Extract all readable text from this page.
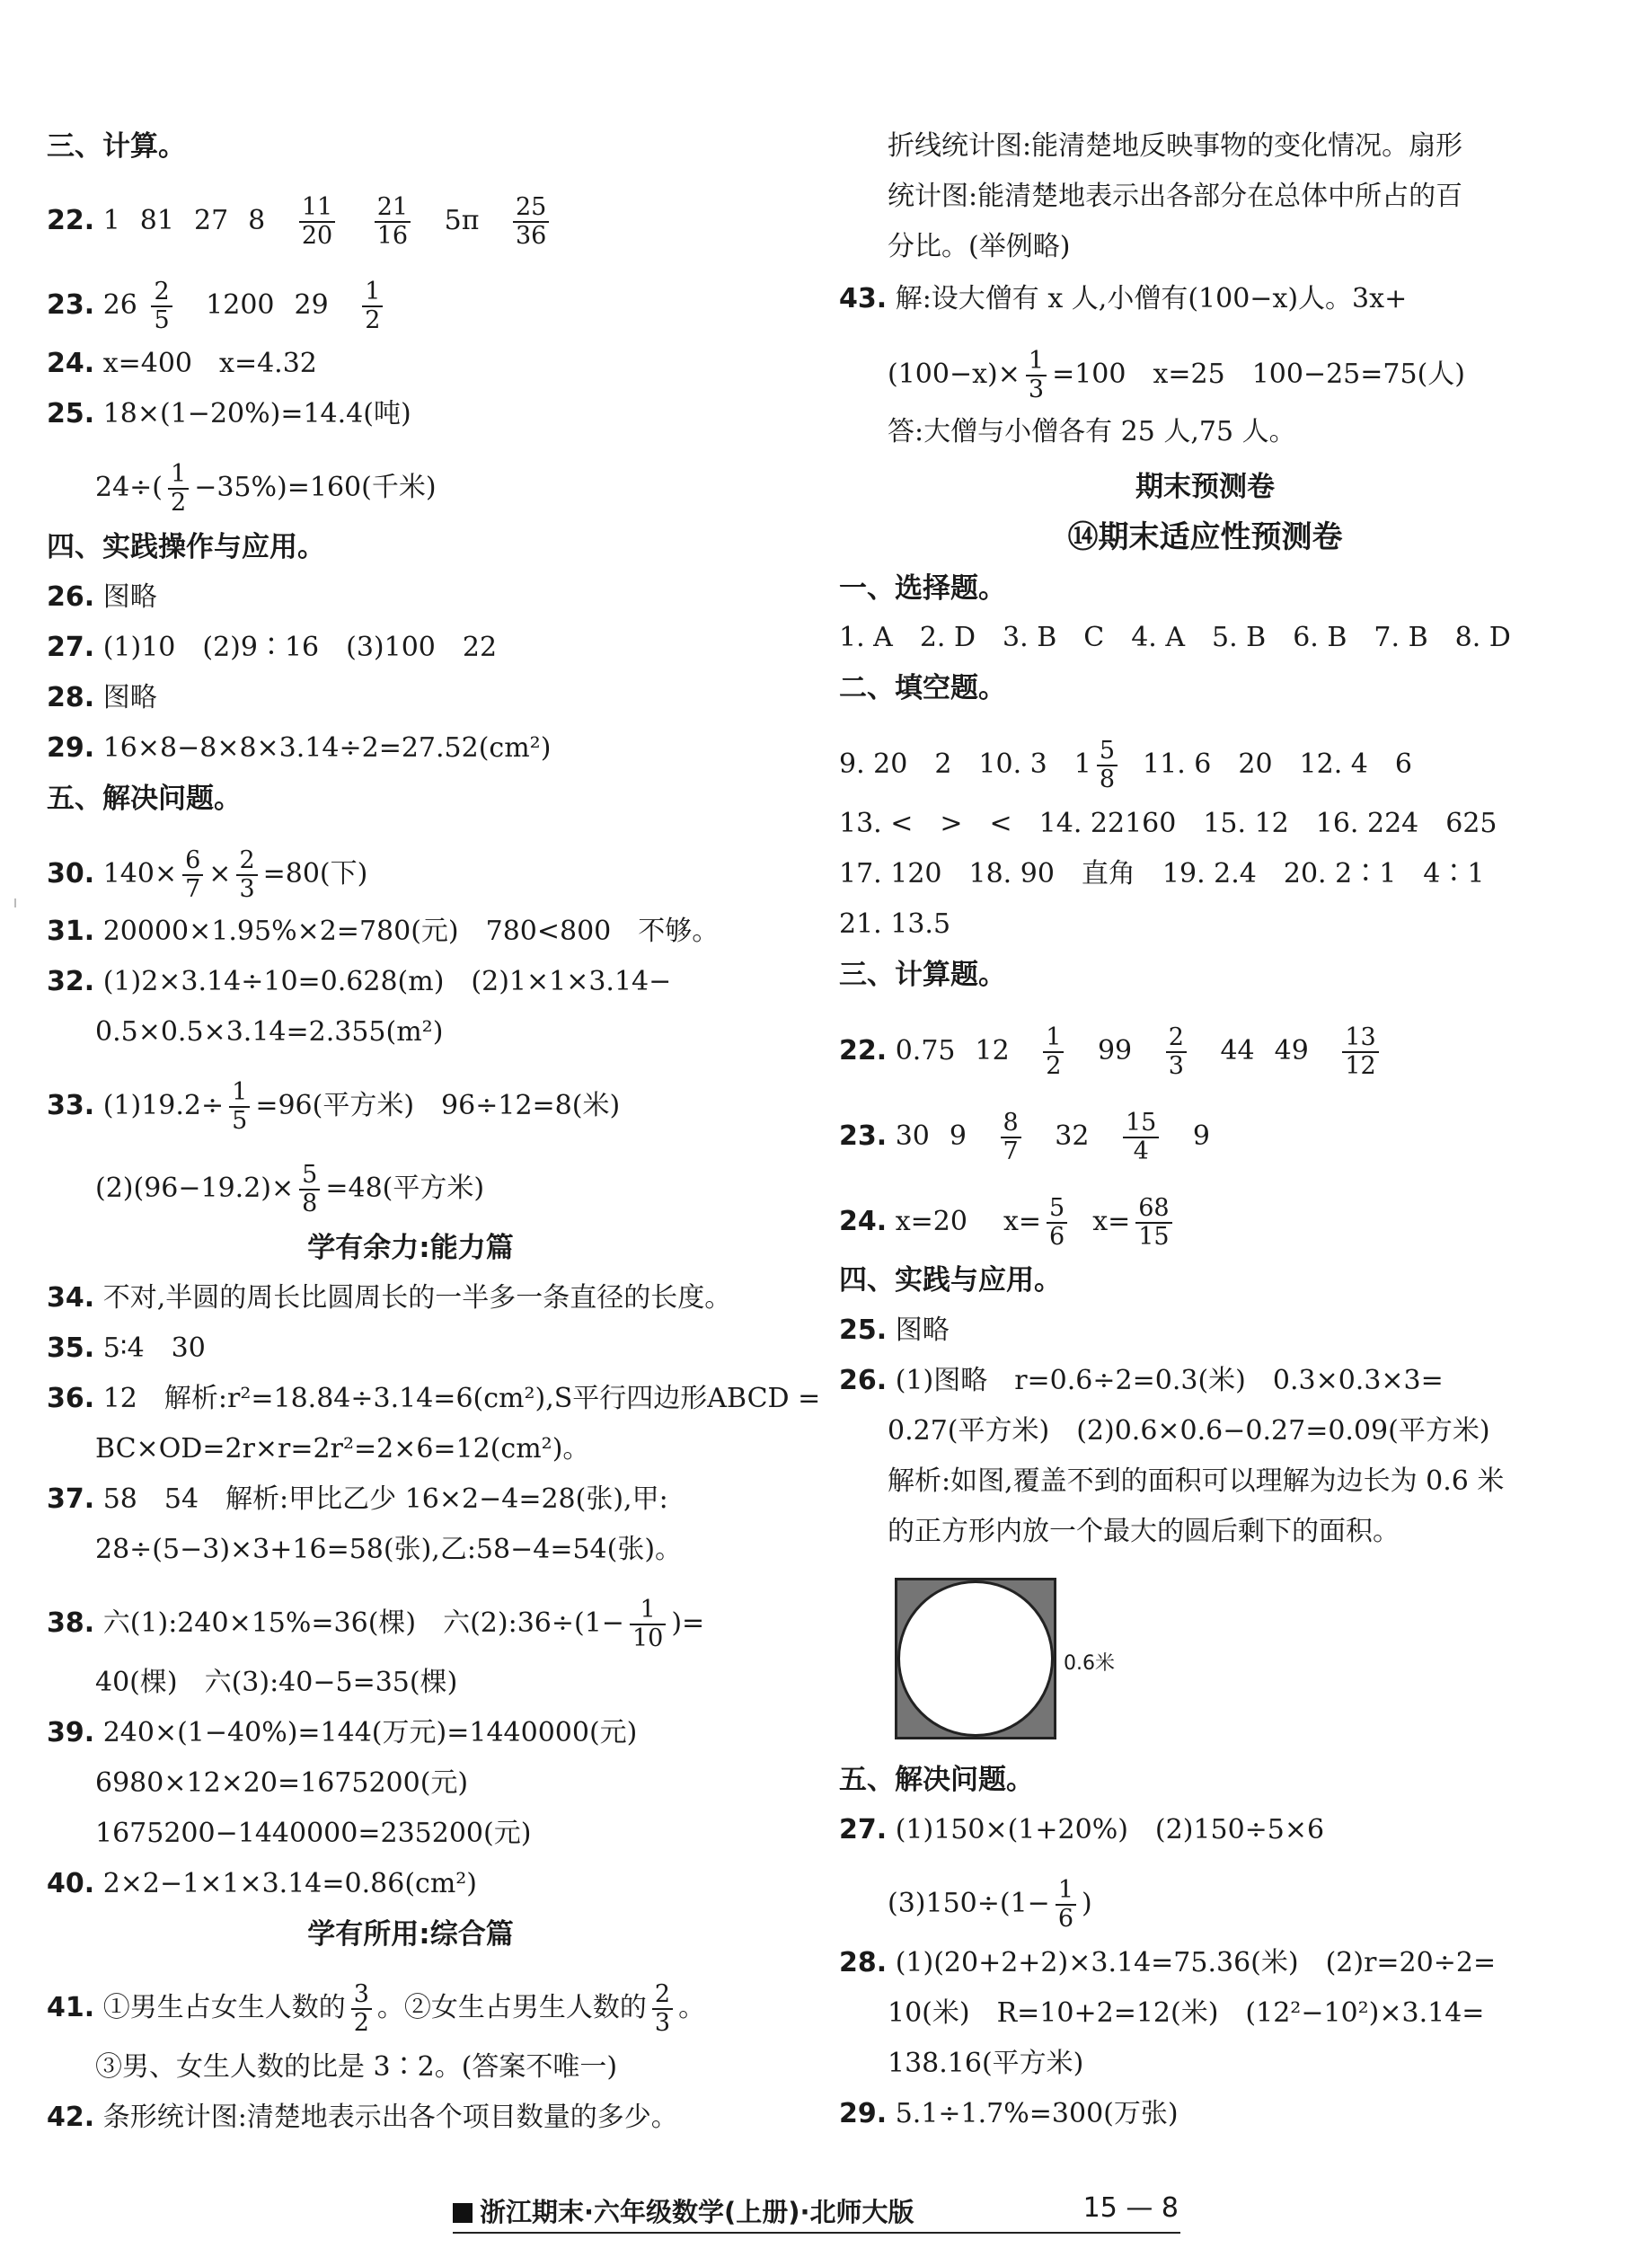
三、计算。
22. 1 81 27 $8 \frac{11}{20}$
$\frac{21}{16} 5\pi \frac{25}{36}$
23. $26 \frac{2}{5} 1200$ $29 \frac{1}{2}$
24. x=400　x=4.32
25. 18×(1−20%)=14.4(吨)
$24\div( \frac{1}{2} -35\%)=160$(千米)
四、实践操作与应用。
26. 图略
27. (1)10　(2)9∶16　(3)100　22
28. 图略
29. 16×8−8×8×3.14÷2=27.52(cm²)
五、解决问题。
30. $140\times \frac{6}{7} \times \frac{2}{3} =80$(下)
31. 20000×1.95%×2=780(元)　780<800　不够。
32. (1)2×3.14÷10=0.628(m)　(2)1×1×3.14−
0.5×0.5×3.14=2.355(m²)
33. $(1)19.2\div \frac{1}{5} =96$(平方米)　96÷12=8(米)
$(2)(96-19.2)\times \frac{5}{8} =48$(平方米)
学有余力:能力篇
34. 不对,半圆的周长比圆周长的一半多一条直径的长度。
35. 5∶4　30
36. 12　解析:r²=18.84÷3.14=6(cm²),S平行四边形ABCD =
BC×OD=2r×r=2r²=2×6=12(cm²)。
37. 58　54　解析:甲比乙少 16×2−4=28(张),甲:
28÷(5−3)×3+16=58(张),乙:58−4=54(张)。
38. 六(1):240×15%=36(棵)　六(2):36÷(1− $\frac{1}{10}$ )=
40(棵)　六(3):40−5=35(棵)
39. 240×(1−40%)=144(万元)=1440000(元)
6980×12×20=1675200(元)
1675200−1440000=235200(元)
40. 2×2−1×1×3.14=0.86(cm²)
学有所用:综合篇
41. ①男生占女生人数的 $\frac{3}{2}$ 。②女生占男生人数的 $\frac{2}{3}$ 。
③男、女生人数的比是 3∶2。(答案不唯一)
42. 条形统计图:清楚地表示出各个项目数量的多少。
折线统计图:能清楚地反映事物的变化情况。扇形
统计图:能清楚地表示出各部分在总体中所占的百
分比。(举例略)
43. 解:设大僧有 x 人,小僧有(100−x)人。3x+
$(100-x)\times \frac{1}{3} =100$　x=25　100−25=75(人)
答:大僧与小僧各有 25 人,75 人。
期末预测卷
⑭期末适应性预测卷
一、选择题。
1. A　2. D　3. B　C　4. A　5. B　6. B　7. B　8. D
二、填空题。
9. 20　2　10. 3　$1 \frac{5}{8} 11$. 6　20　12. 4　6
13. <　>　<　14. 22160　15. 12　16. 224　625
17. 120　18. 90　直角　19. 2.4　20. 2∶1　4∶1
21. 13.5
三、计算题。
22. 0.75 $12 \frac{1}{2} 99 \frac{2}{3} 44$ $49 \frac{13}{12}$
23. 30 $9 \frac{8}{7} 32 \frac{15}{4} 9$
24. x=20 $x= \frac{5}{6} x= \frac{68}{15}$
四、实践与应用。
25. 图略
26. (1)图略　r=0.6÷2=0.3(米)　0.3×0.3×3=
0.27(平方米)　(2)0.6×0.6−0.27=0.09(平方米)
解析:如图,覆盖不到的面积可以理解为边长为 0.6 米
的正方形内放一个最大的圆后剩下的面积。
五、解决问题。
27. (1)150×(1+20%)　(2)150÷5×6
$(3)150\div(1- \frac{1}{6}$ )
28. (1)(20+2+2)×3.14=75.36(米)　(2)r=20÷2=
10(米)　R=10+2=12(米)　(12²−10²)×3.14=
138.16(平方米)
29. 5.1÷1.7%=300(万张)
0.6米
浙江期末·六年级数学(上册)·北师大版	15 — 8
